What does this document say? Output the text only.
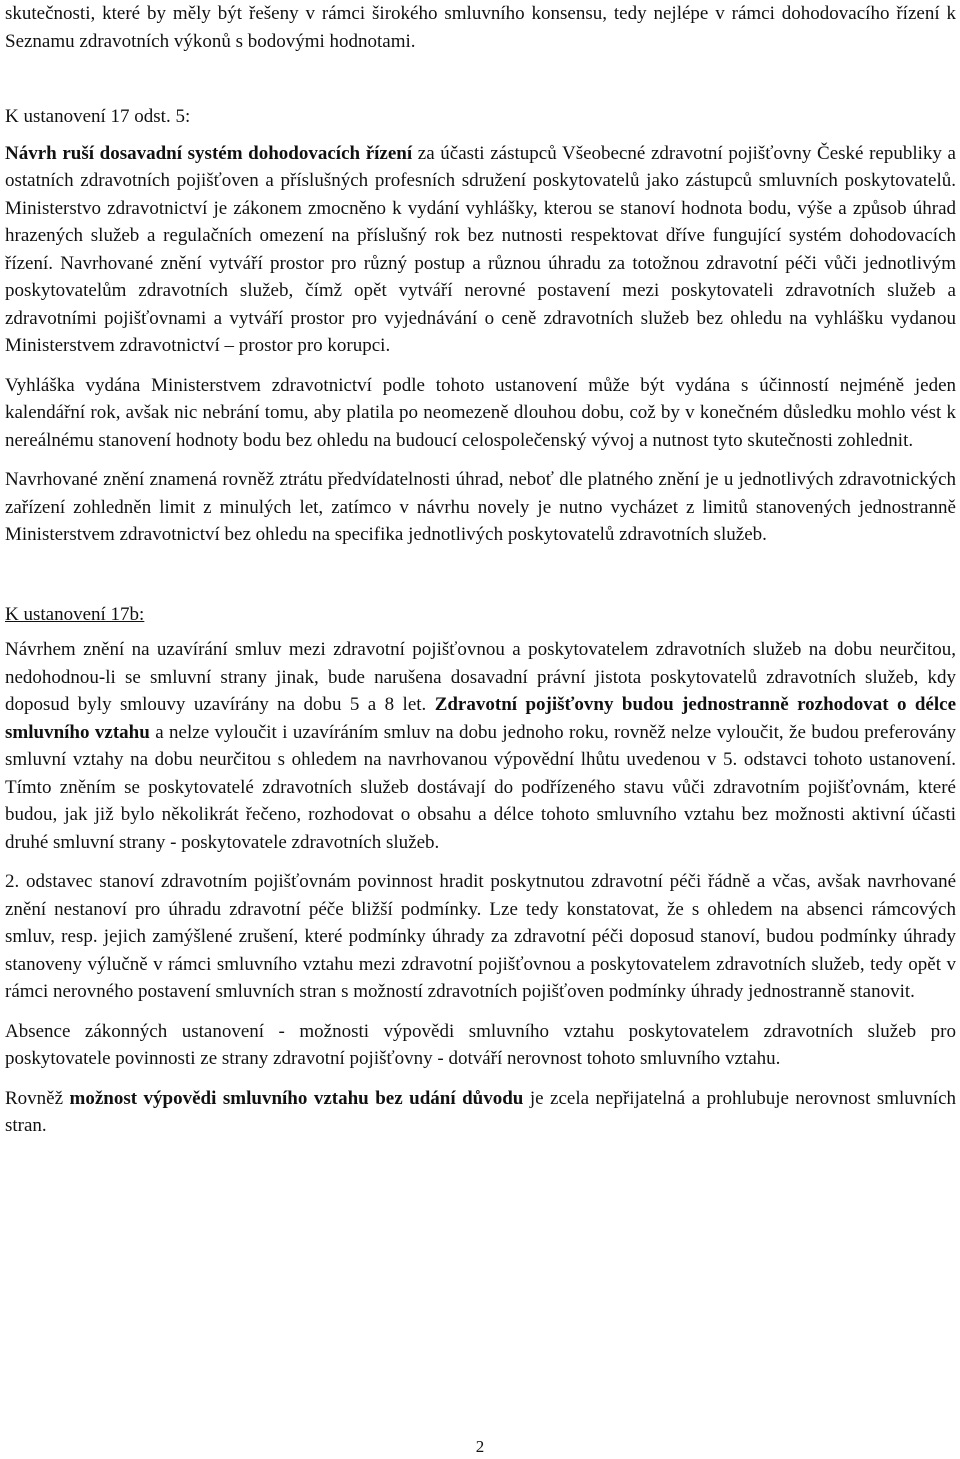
skutečnosti, které by měly být řešeny v rámci širokého smluvního konsensu, tedy nejlépe v rámci dohodovacího řízení k Seznamu zdravotních výkonů s bodovými hodnotami.

K ustanovení 17 odst. 5:

Návrh ruší dosavadní systém dohodovacích řízení za účasti zástupců Všeobecné zdravotní pojišťovny České republiky a ostatních zdravotních pojišťoven a příslušných profesních sdružení poskytovatelů jako zástupců smluvních poskytovatelů. Ministerstvo zdravotnictví je zákonem zmocněno k vydání vyhlášky, kterou se stanoví hodnota bodu, výše a způsob úhrad hrazených služeb a regulačních omezení na příslušný rok bez nutnosti respektovat dříve fungující systém dohodovacích řízení. Navrhované znění vytváří prostor pro různý postup a různou úhradu za totožnou zdravotní péči vůči jednotlivým poskytovatelům zdravotních služeb, čímž opět vytváří nerovné postavení mezi poskytovateli zdravotních služeb a zdravotními pojišťovnami a vytváří prostor pro vyjednávání o ceně zdravotních služeb bez ohledu na vyhlášku vydanou Ministerstvem zdravotnictví – prostor pro korupci.

Vyhláška vydána Ministerstvem zdravotnictví podle tohoto ustanovení může být vydána s účinností nejméně jeden kalendářní rok, avšak nic nebrání tomu, aby platila po neomezeně dlouhou dobu, což by v konečném důsledku mohlo vést k nereálnému stanovení hodnoty bodu bez ohledu na budoucí celospolečenský vývoj a nutnost tyto skutečnosti zohlednit.

Navrhované znění znamená rovněž ztrátu předvídatelnosti úhrad, neboť dle platného znění je u jednotlivých zdravotnických zařízení zohledněn limit z minulých let, zatímco v návrhu novely je nutno vycházet z limitů stanovených jednostranně Ministerstvem zdravotnictví bez ohledu na specifika jednotlivých poskytovatelů zdravotních služeb.

K ustanovení 17b:

Návrhem znění na uzavírání smluv mezi zdravotní pojišťovnou a poskytovatelem zdravotních služeb na dobu neurčitou, nedohodnou-li se smluvní strany jinak, bude narušena dosavadní právní jistota poskytovatelů zdravotních služeb, kdy doposud byly smlouvy uzavírány na dobu 5 a 8 let. Zdravotní pojišťovny budou jednostranně rozhodovat o délce smluvního vztahu a nelze vyloučit i uzavíráním smluv na dobu jednoho roku, rovněž nelze vyloučit, že budou preferovány smluvní vztahy na dobu neurčitou s ohledem na navrhovanou výpovědní lhůtu uvedenou v 5. odstavci tohoto ustanovení. Tímto zněním se poskytovatelé zdravotních služeb dostávají do podřízeného stavu vůči zdravotním pojišťovnám, které budou, jak již bylo několikrát řečeno, rozhodovat o obsahu a délce tohoto smluvního vztahu bez možnosti aktivní účasti druhé smluvní strany - poskytovatele zdravotních služeb.

2. odstavec stanoví zdravotním pojišťovnám povinnost hradit poskytnutou zdravotní péči řádně a včas, avšak navrhované znění nestanoví pro úhradu zdravotní péče bližší podmínky. Lze tedy konstatovat, že s ohledem na absenci rámcových smluv, resp. jejich zamýšlené zrušení, které podmínky úhrady za zdravotní péči doposud stanoví, budou podmínky úhrady stanoveny výlučně v rámci smluvního vztahu mezi zdravotní pojišťovnou a poskytovatelem zdravotních služeb, tedy opět v rámci nerovného postavení smluvních stran s možností zdravotních pojišťoven podmínky úhrady jednostranně stanovit.

Absence zákonných ustanovení - možnosti výpovědi smluvního vztahu poskytovatelem zdravotních služeb pro poskytovatele povinnosti ze strany zdravotní pojišťovny - dotváří nerovnost tohoto smluvního vztahu.

Rovněž možnost výpovědi smluvního vztahu bez udání důvodu je zcela nepřijatelná a prohlubuje nerovnost smluvních stran.

2
